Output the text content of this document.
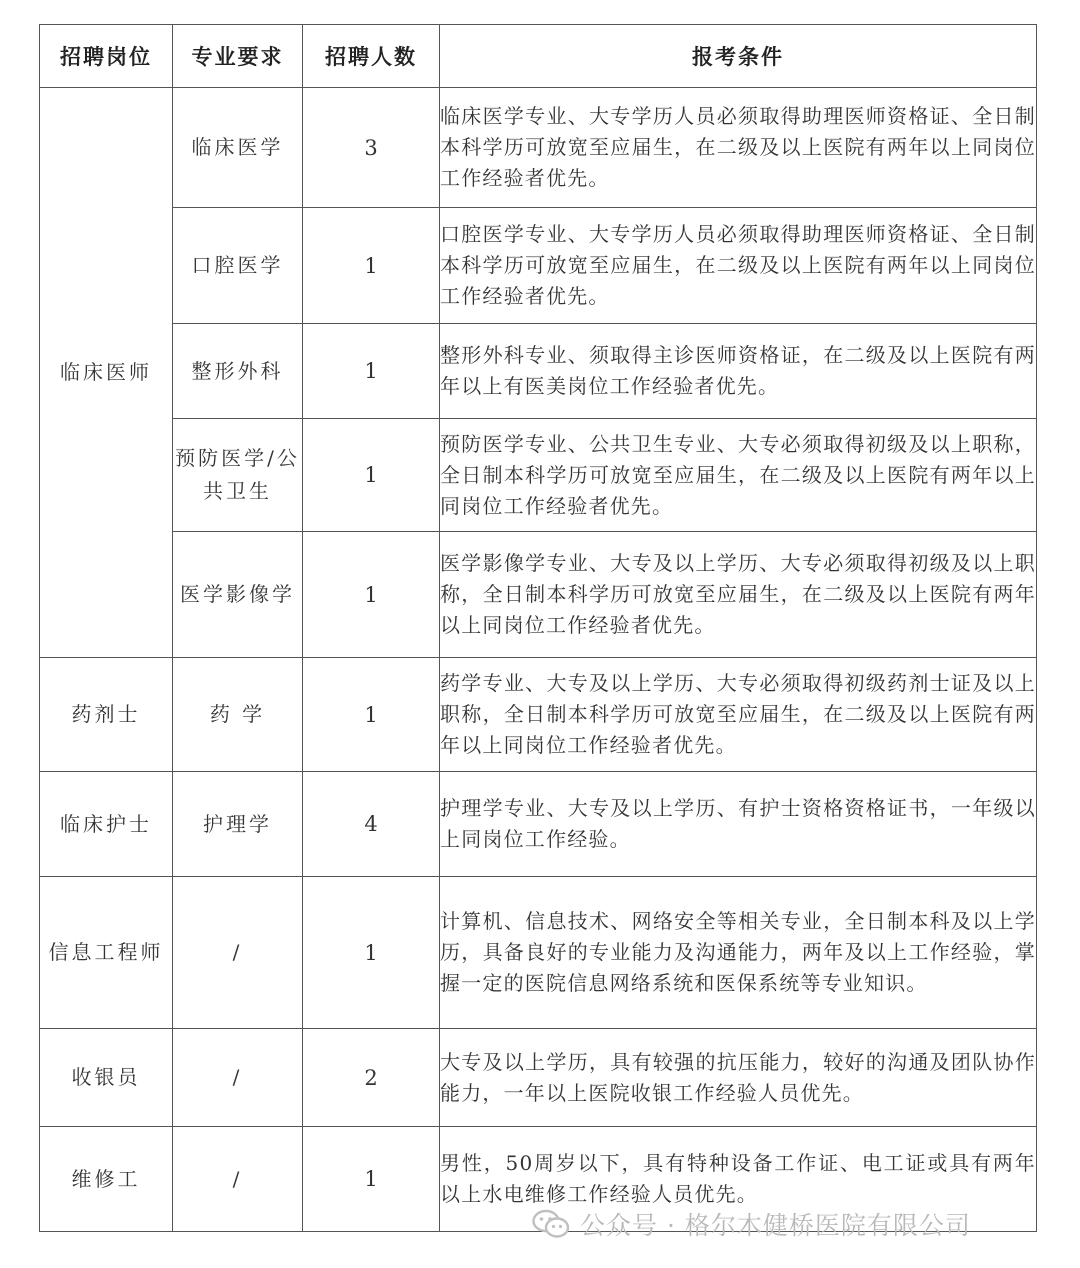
招聘岗位	专业要求	招聘人数	报考条件
临床医师	临床医学	3	临床医学专业、大专学历人员必须取得助理医师资格证、全日制本科学历可放宽至应届生，在二级及以上医院有两年以上同岗位工作经验者优先。
	口腔医学	1	口腔医学专业、大专学历人员必须取得助理医师资格证、全日制本科学历可放宽至应届生，在二级及以上医院有两年以上同岗位工作经验者优先。
	整形外科	1	整形外科专业、须取得主诊医师资格证，在二级及以上医院有两年以上有医美岗位工作经验者优先。
	预防医学/公共卫生	1	预防医学专业、公共卫生专业、大专必须取得初级及以上职称，全日制本科学历可放宽至应届生，在二级及以上医院有两年以上同岗位工作经验者优先。
	医学影像学	1	医学影像学专业、大专及以上学历、大专必须取得初级及以上职称，全日制本科学历可放宽至应届生，在二级及以上医院有两年以上同岗位工作经验者优先。
药剂士	药 学	1	药学专业、大专及以上学历、大专必须取得初级药剂士证及以上职称，全日制本科学历可放宽至应届生，在二级及以上医院有两年以上同岗位工作经验者优先。
临床护士	护理学	4	护理学专业、大专及以上学历、有护士资格资格证书，一年级以上同岗位工作经验。
信息工程师	/	1	计算机、信息技术、网络安全等相关专业，全日制本科及以上学历，具备良好的专业能力及沟通能力，两年及以上工作经验，掌握一定的医院信息网络系统和医保系统等专业知识。
收银员	/	2	大专及以上学历，具有较强的抗压能力，较好的沟通及团队协作能力，一年以上医院收银工作经验人员优先。
维修工	/	1	男性，50周岁以下，具有特种设备工作证、电工证或具有两年以上水电维修工作经验人员优先。
公众号 · 格尔木健桥医院有限公司
